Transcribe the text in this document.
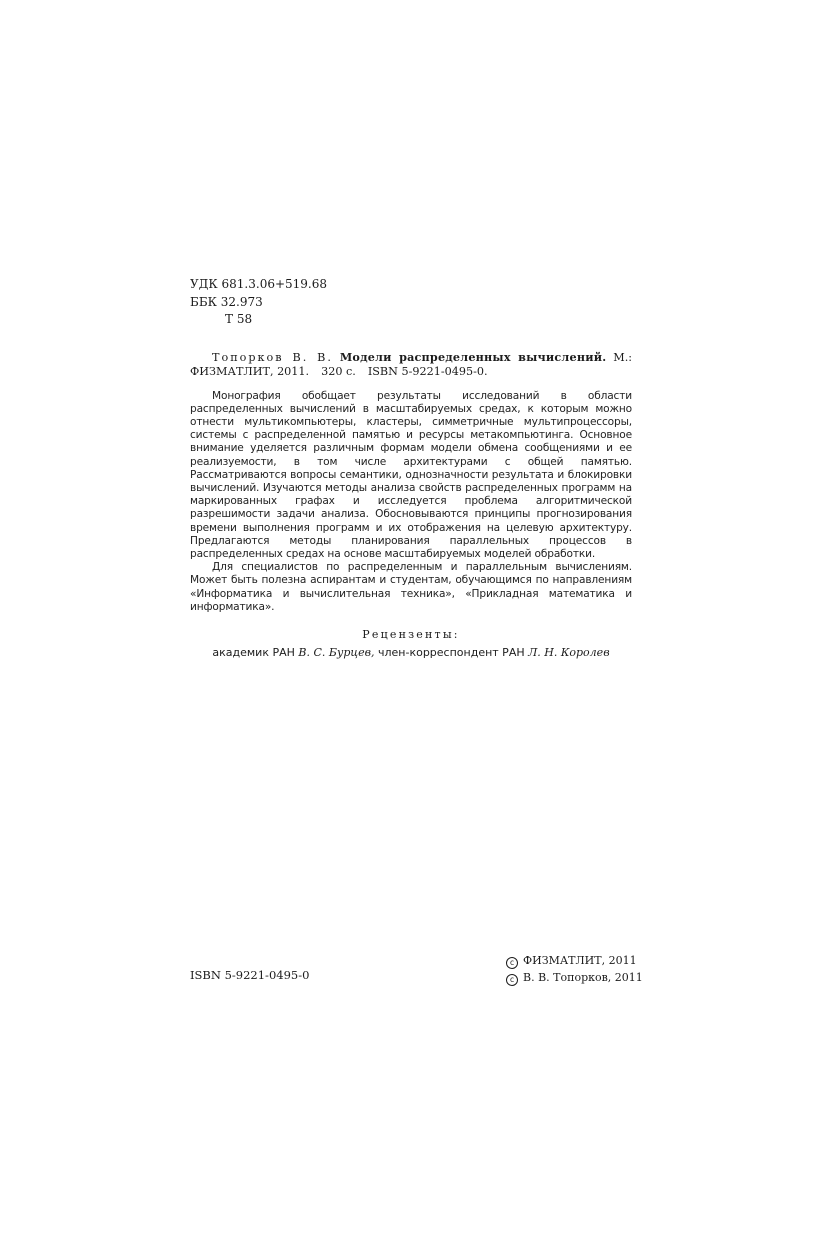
УДК 681.3.06+519.68
ББК 32.973
Т 58
Топорков В. В. Модели распределенных вычислений. М.: ФИЗМАТЛИТ, 2011. 320 с. ISBN 5-9221-0495-0.

Монография обобщает результаты исследований в области распределенных вычислений в масштабируемых средах, к которым можно отнести мультикомпьютеры, кластеры, симметричные мультипроцессоры, системы с распределенной памятью и ресурсы метакомпьютинга. Основное внимание уделяется различным формам модели обмена сообщениями и ее реализуемости, в том числе архитектурами с общей памятью. Рассматриваются вопросы семантики, однозначности результата и блокировки вычислений. Изучаются методы анализа свойств распределенных программ на маркированных графах и исследуется проблема алгоритмической разрешимости задачи анализа. Обосновываются принципы прогнозирования времени выполнения программ и их отображения на целевую архитектуру. Предлагаются методы планирования параллельных процессов в распределенных средах на основе масштабируемых моделей обработки.

Для специалистов по распределенным и параллельным вычислениям. Может быть полезна аспирантам и студентам, обучающимся по направлениям «Информатика и вычислительная техника», «Прикладная математика и информатика».

Рецензенты:
академик РАН В. С. Бурцев, член-корреспондент РАН Л. Н. Королев
ISBN 5-9221-0495-0
c ФИЗМАТЛИТ, 2011
c В. В. Топорков, 2011
